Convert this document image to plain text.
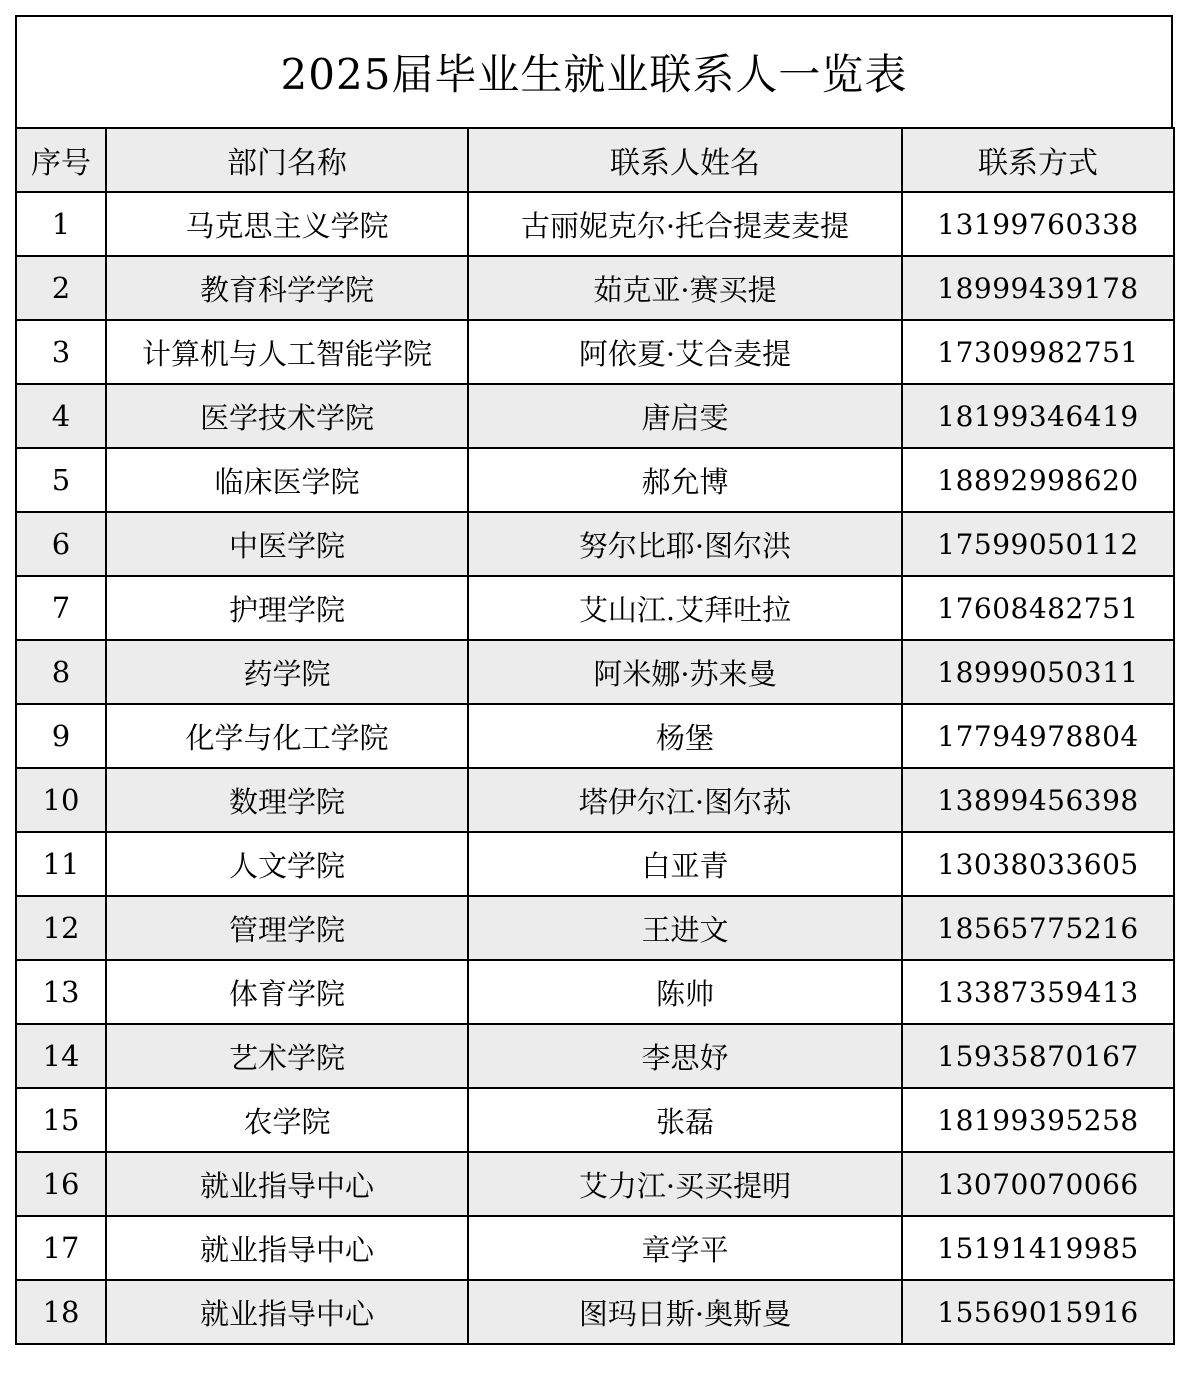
2025届毕业生就业联系人一览表
序号	部门名称	联系人姓名	联系方式
1	马克思主义学院	古丽妮克尔·托合提麦麦提	13199760338
2	教育科学学院	茹克亚·赛买提	18999439178
3	计算机与人工智能学院	阿依夏·艾合麦提	17309982751
4	医学技术学院	唐启雯	18199346419
5	临床医学院	郝允博	18892998620
6	中医学院	努尔比耶·图尔洪	17599050112
7	护理学院	艾山江.艾拜吐拉	17608482751
8	药学院	阿米娜·苏来曼	18999050311
9	化学与化工学院	杨堡	17794978804
10	数理学院	塔伊尔江·图尔荪	13899456398
11	人文学院	白亚青	13038033605
12	管理学院	王进文	18565775216
13	体育学院	陈帅	13387359413
14	艺术学院	李思妤	15935870167
15	农学院	张磊	18199395258
16	就业指导中心	艾力江·买买提明	13070070066
17	就业指导中心	章学平	15191419985
18	就业指导中心	图玛日斯·奥斯曼	15569015916
